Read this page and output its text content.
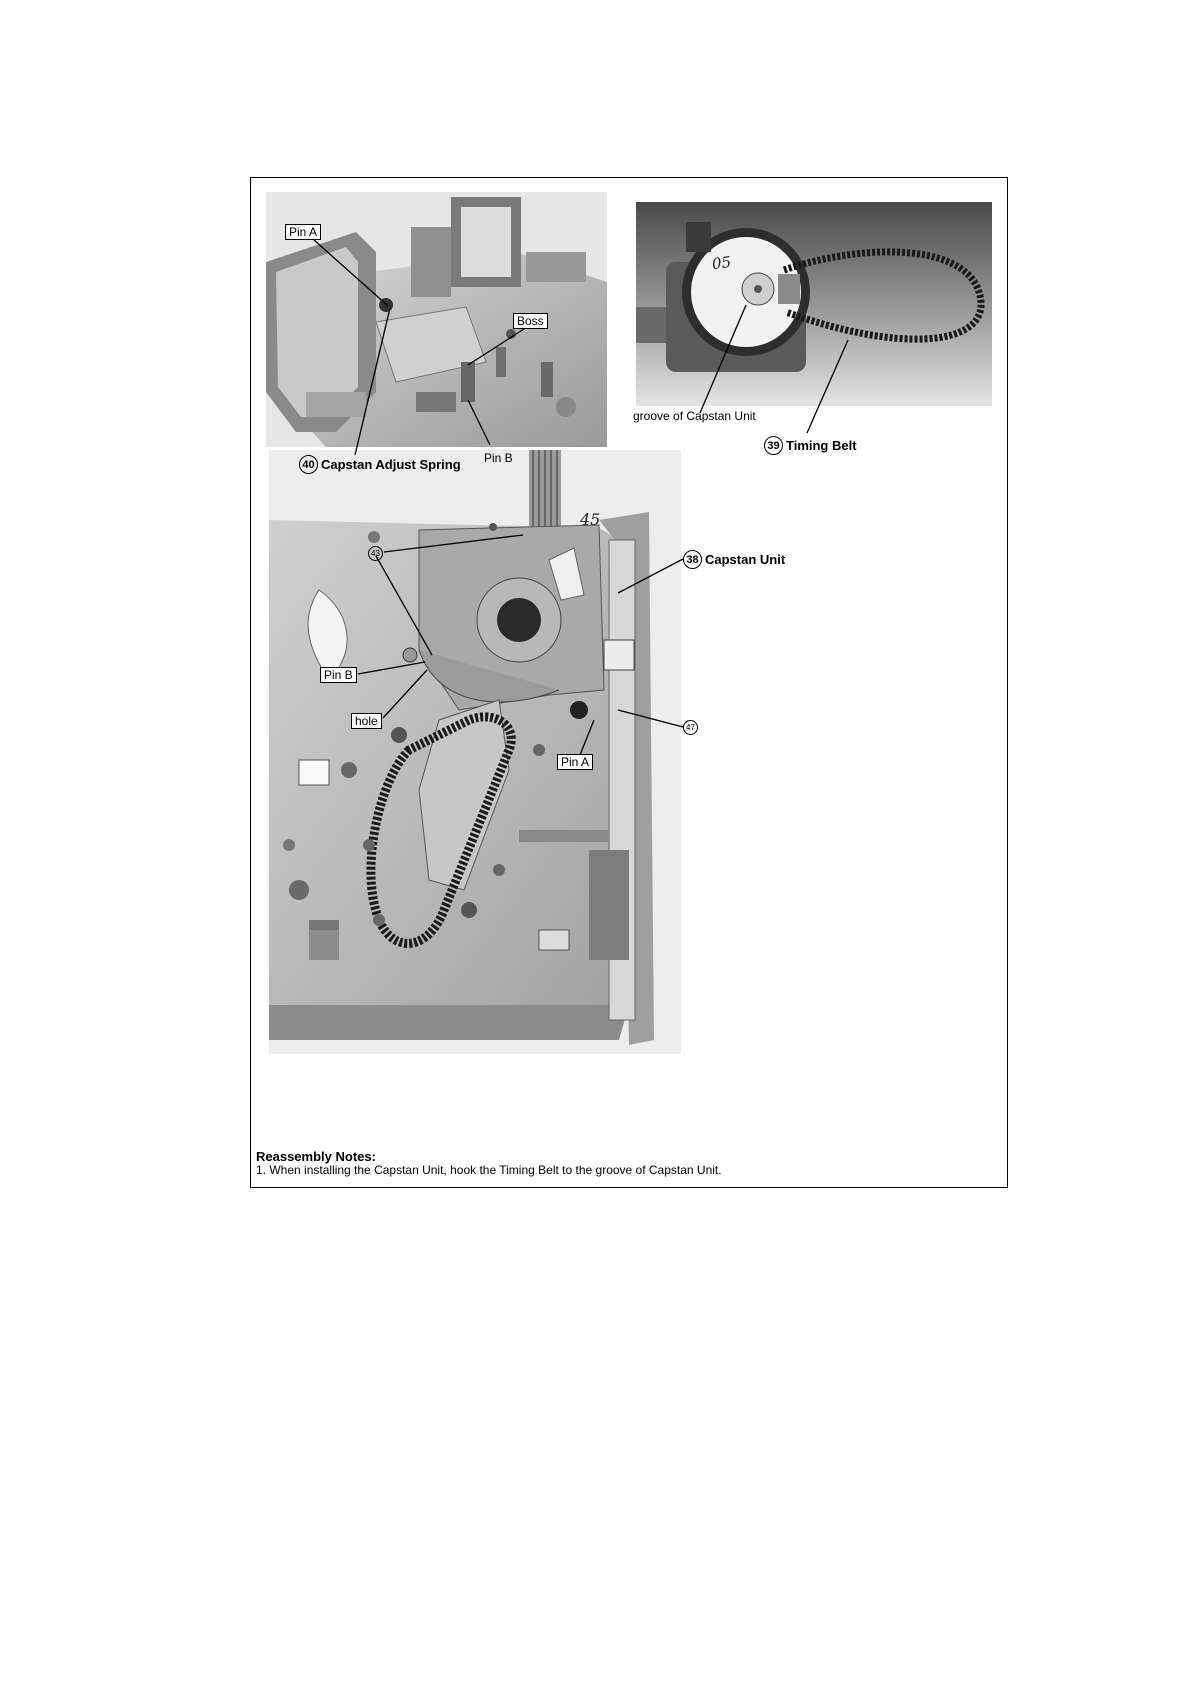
05
45
Pin A
Boss
Pin B
40 Capstan Adjust Spring
groove of Capstan Unit
39 Timing Belt
38 Capstan Unit
43
47
Pin B
hole
Pin A
Reassembly Notes:
1. When installing the Capstan Unit, hook the Timing Belt to the groove of Capstan Unit.
